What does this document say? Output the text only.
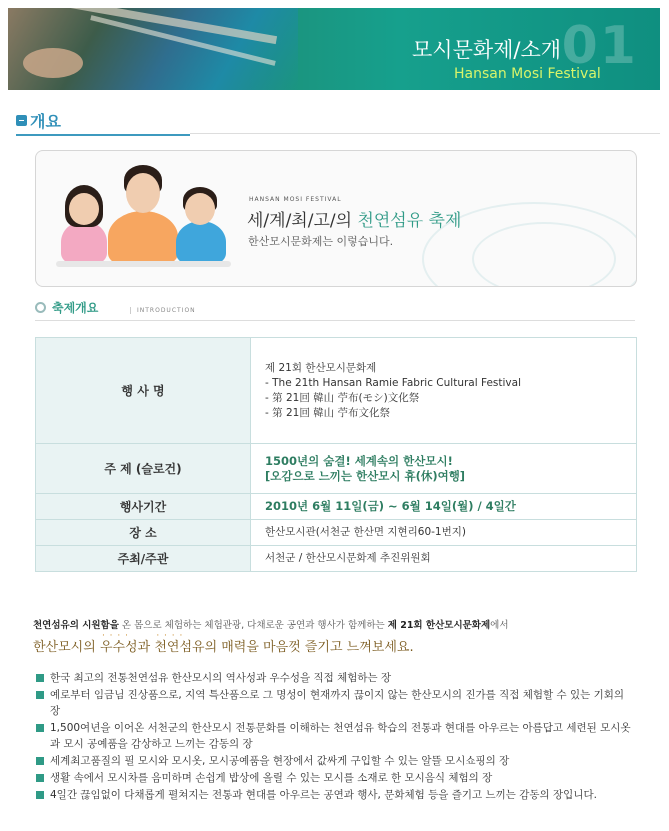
01
모시문화제/소개
Hansan Mosi Festival
개요
HANSAN MOSI FESTIVAL
세/계/최/고/의 천연섬유 축제
한산모시문화제는 이렇습니다.
축제개요	INTRODUCTION
행 사 명	제 21회 한산모시문화제
- The 21th Hansan Ramie Fabric Cultural Festival
- 第 21回 韓山 苧布(モシ)文化祭
- 第 21回 韓山 苧布文化祭

주 제 (슬로건)	1500년의 숨결! 세계속의 한산모시!
[오감으로 느끼는 한산모시 휴(休)여행]

행사기간	2010년 6월 11일(금) ~ 6월 14일(월) / 4일간

장 소	한산모시관(서천군 한산면 지현리60-1번지)

주최/주관	서천군 / 한산모시문화제 추진위원회
천연섬유의 시원함을 온 몸으로 체험하는 체험관광, 다채로운 공연과 행사가 함께하는 제 21회 한산모시문화제에서
한산모시의 · · · · 우수성과 · · · · 천연섬유의 매력을 마음껏 즐기고 느껴보세요.
한국 최고의 전통천연섬유 한산모시의 역사성과 우수성을 직접 체험하는 장
예로부터 임금님 진상품으로, 지역 특산품으로 그 명성이 현재까지 끊이지 않는 한산모시의 진가를 직접 체험할 수 있는 기회의 장
1,500여년을 이어온 서천군의 한산모시 전통문화를 이해하는 천연섬유 학습의 전통과 현대를 아우르는 아름답고 세련된 모시옷과 모시 공예품을 감상하고 느끼는 감동의 장
세계최고품질의 필 모시와 모시옷, 모시공예품을 현장에서 값싸게 구입할 수 있는 알뜰 모시쇼핑의 장
생활 속에서 모시차를 음미하며 손쉽게 밥상에 올릴 수 있는 모시를 소재로 한 모시음식 체험의 장
4일간 끊임없이 다채롭게 펼쳐지는 전통과 현대를 아우르는 공연과 행사, 문화체험 등을 즐기고 느끼는 감동의 장입니다.
